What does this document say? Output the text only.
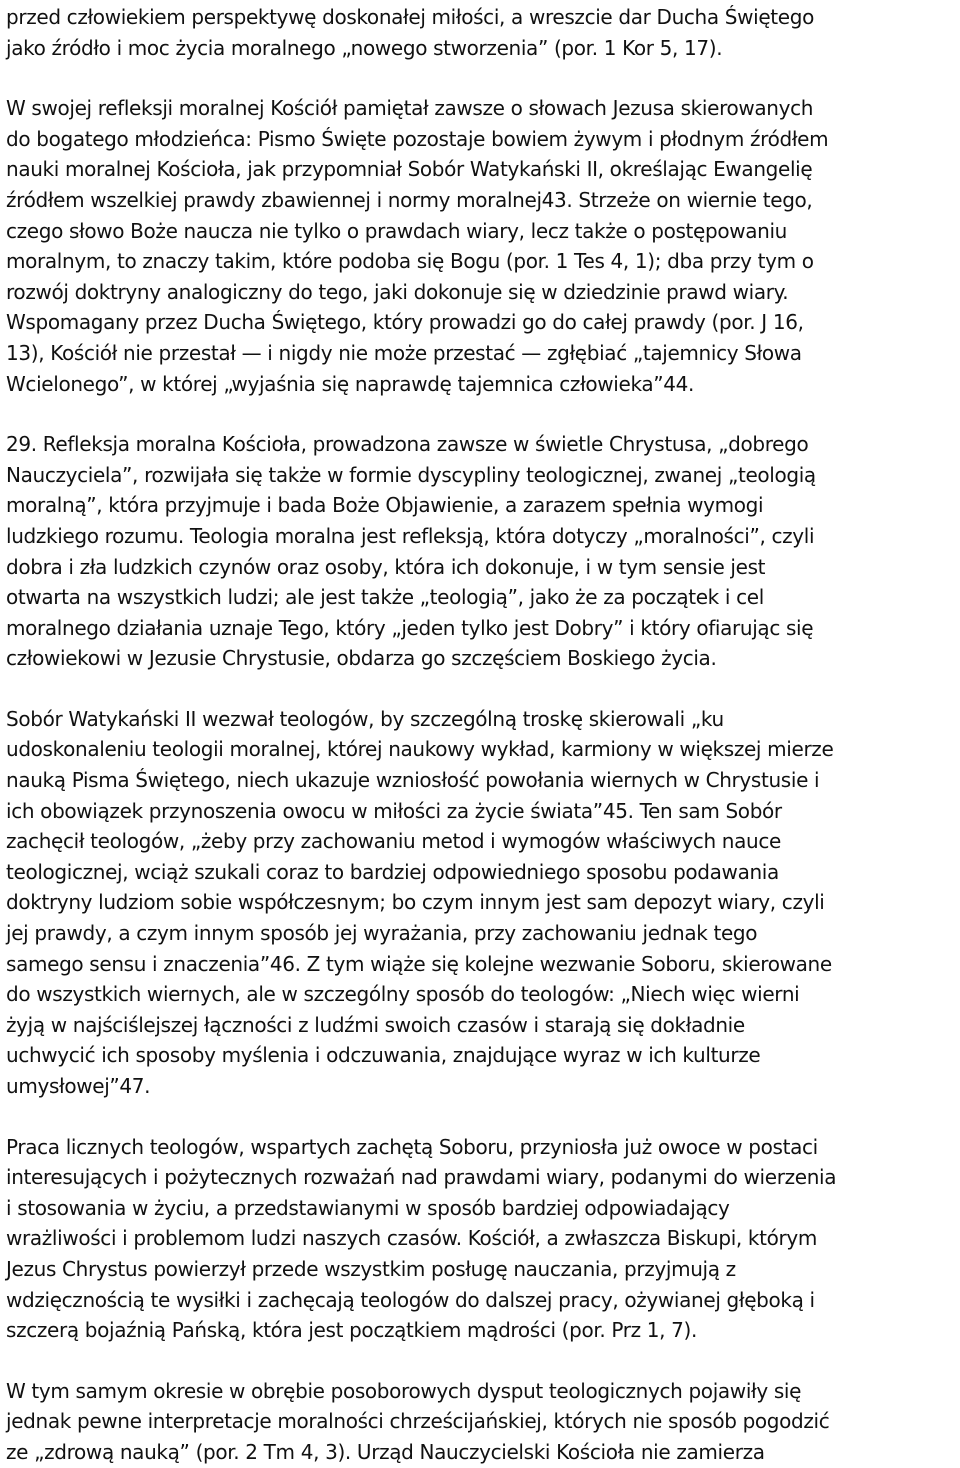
przed człowiekiem perspektywę doskonałej miłości, a wreszcie dar Ducha Świętego
jako źródło i moc życia moralnego „nowego stworzenia” (por. 1 Kor 5, 17).

W swojej refleksji moralnej Kościół pamiętał zawsze o słowach Jezusa skierowanych
do bogatego młodzieńca: Pismo Święte pozostaje bowiem żywym i płodnym źródłem
nauki moralnej Kościoła, jak przypomniał Sobór Watykański II, określając Ewangelię
źródłem wszelkiej prawdy zbawiennej i normy moralnej43. Strzeże on wiernie tego,
czego słowo Boże naucza nie tylko o prawdach wiary, lecz także o postępowaniu
moralnym, to znaczy takim, które podoba się Bogu (por. 1 Tes 4, 1); dba przy tym o
rozwój doktryny analogiczny do tego, jaki dokonuje się w dziedzinie prawd wiary.
Wspomagany przez Ducha Świętego, który prowadzi go do całej prawdy (por. J 16,
13), Kościół nie przestał — i nigdy nie może przestać — zgłębiać „tajemnicy Słowa
Wcielonego”, w której „wyjaśnia się naprawdę tajemnica człowieka”44.

29. Refleksja moralna Kościoła, prowadzona zawsze w świetle Chrystusa, „dobrego
Nauczyciela”, rozwijała się także w formie dyscypliny teologicznej, zwanej „teologią
moralną”, która przyjmuje i bada Boże Objawienie, a zarazem spełnia wymogi
ludzkiego rozumu. Teologia moralna jest refleksją, która dotyczy „moralności”, czyli
dobra i zła ludzkich czynów oraz osoby, która ich dokonuje, i w tym sensie jest
otwarta na wszystkich ludzi; ale jest także „teologią”, jako że za początek i cel
moralnego działania uznaje Tego, który „jeden tylko jest Dobry” i który ofiarując się
człowiekowi w Jezusie Chrystusie, obdarza go szczęściem Boskiego życia.

Sobór Watykański II wezwał teologów, by szczególną troskę skierowali „ku
udoskonaleniu teologii moralnej, której naukowy wykład, karmiony w większej mierze
nauką Pisma Świętego, niech ukazuje wzniosłość powołania wiernych w Chrystusie i
ich obowiązek przynoszenia owocu w miłości za życie świata”45. Ten sam Sobór
zachęcił teologów, „żeby przy zachowaniu metod i wymogów właściwych nauce
teologicznej, wciąż szukali coraz to bardziej odpowiedniego sposobu podawania
doktryny ludziom sobie współczesnym; bo czym innym jest sam depozyt wiary, czyli
jej prawdy, a czym innym sposób jej wyrażania, przy zachowaniu jednak tego
samego sensu i znaczenia”46. Z tym wiąże się kolejne wezwanie Soboru, skierowane
do wszystkich wiernych, ale w szczególny sposób do teologów: „Niech więc wierni
żyją w najściślejszej łączności z ludźmi swoich czasów i starają się dokładnie
uchwycić ich sposoby myślenia i odczuwania, znajdujące wyraz w ich kulturze
umysłowej”47.

Praca licznych teologów, wspartych zachętą Soboru, przyniosła już owoce w postaci
interesujących i pożytecznych rozważań nad prawdami wiary, podanymi do wierzenia
i stosowania w życiu, a przedstawianymi w sposób bardziej odpowiadający
wrażliwości i problemom ludzi naszych czasów. Kościół, a zwłaszcza Biskupi, którym
Jezus Chrystus powierzył przede wszystkim posługę nauczania, przyjmują z
wdzięcznością te wysiłki i zachęcają teologów do dalszej pracy, ożywianej głęboką i
szczerą bojaźnią Pańską, która jest początkiem mądrości (por. Prz 1, 7).

W tym samym okresie w obrębie posoborowych dysput teologicznych pojawiły się
jednak pewne interpretacje moralności chrześcijańskiej, których nie sposób pogodzić
ze „zdrową nauką” (por. 2 Tm 4, 3). Urząd Nauczycielski Kościoła nie zamierza
